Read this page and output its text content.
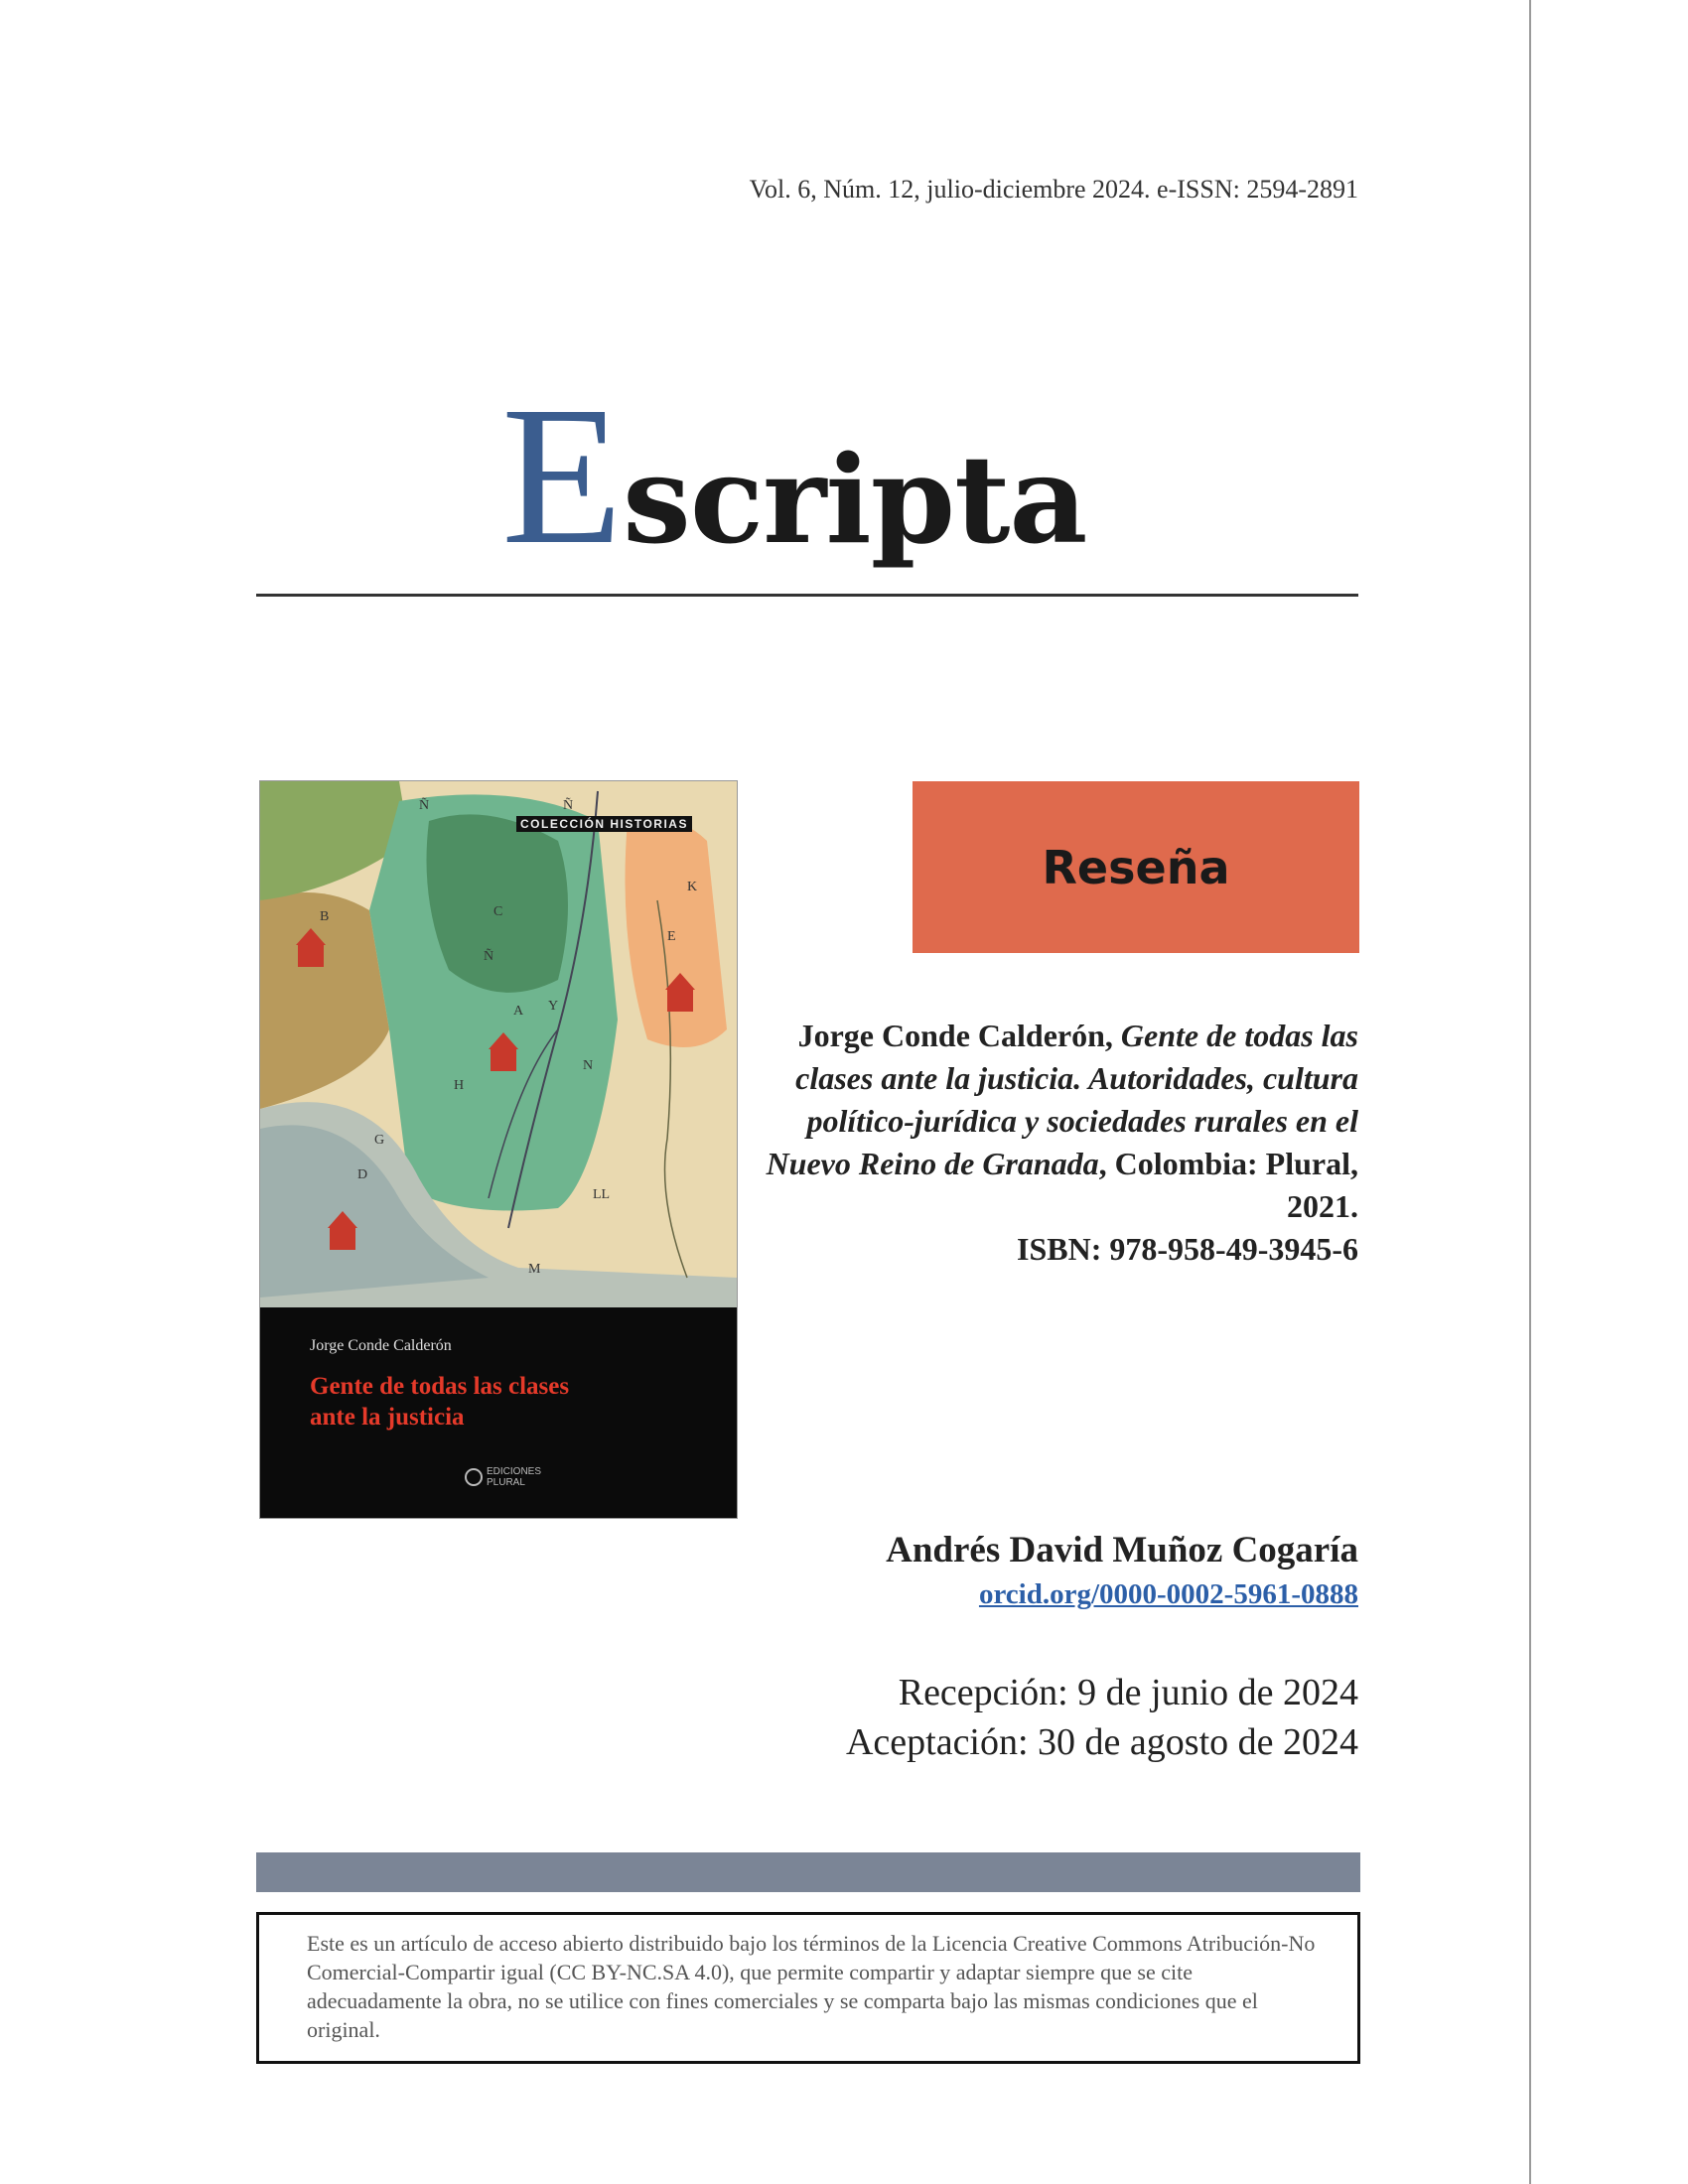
Vol. 6, Núm. 12, julio-diciembre 2024. e-ISSN: 2594-2891
E scripta
Ñ	Ñ
B
K
E
Ñ
A Y
N
H
G
D
LL
M
C
COLECCIÓN HISTORIAS
Jorge Conde Calderón
Gente de todas las clases
ante la justicia
EDICIONES
PLURAL
Reseña
Jorge Conde Calderón, Gente de todas las clases ante la justicia. Autoridades, cultura político-jurídica y sociedades rurales en el Nuevo Reino de Granada, Colombia: Plural, 2021.
ISBN: 978-958-49-3945-6
Andrés David Muñoz Cogaría
orcid.org/0000-0002-5961-0888
Recepción: 9 de junio de 2024
Aceptación: 30 de agosto de 2024
Este es un artículo de acceso abierto distribuido bajo los términos de la Licencia Creative Commons Atribución-No Comercial-Compartir igual (CC BY-NC.SA 4.0), que permite compartir y adaptar siempre que se cite adecuadamente la obra, no se utilice con fines comerciales y se comparta bajo las mismas condiciones que el original.
